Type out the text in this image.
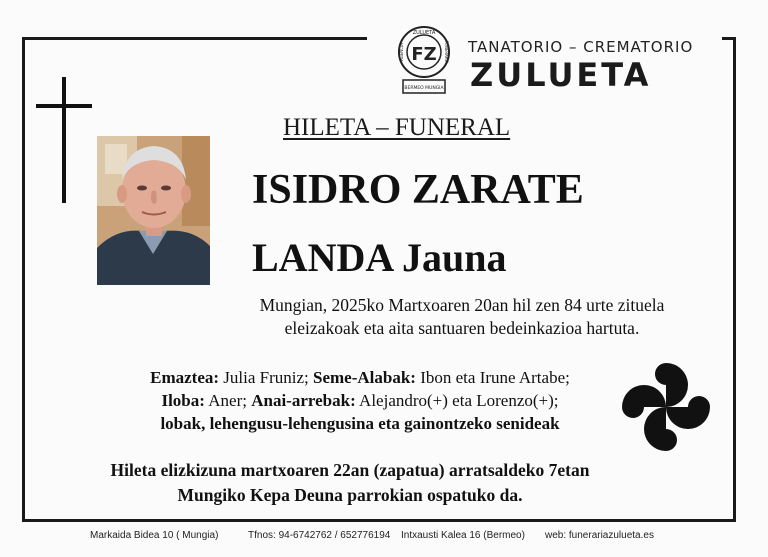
ZULUETA
AGENCIA	FUNERARIA
FZ
BERMEO MUNGIA
TANATORIO – CREMATORIO
ZULUETA
HILETA – FUNERAL
ISIDRO ZARATE
LANDA Jauna
Mungian, 2025ko Martxoaren 20an hil zen 84 urte zituela
eleizakoak eta aita santuaren bedeinkazioa hartuta.
Emaztea: Julia Fruniz; Seme-Alabak: Ibon eta Irune Artabe;
Iloba: Aner; Anai-arrebak: Alejandro(+) eta Lorenzo(+);
lobak, lehengusu-lehengusina eta gainontzeko senideak
Hileta elizkizuna martxoaren 22an (zapatua) arratsaldeko 7etan
Mungiko Kepa Deuna parrokian ospatuko da.
Markaida Bidea 10 ( Mungia)	Tfnos: 94-6742762 / 652776194 Intxausti Kalea 16 (Bermeo) web: funerariazulueta.es
